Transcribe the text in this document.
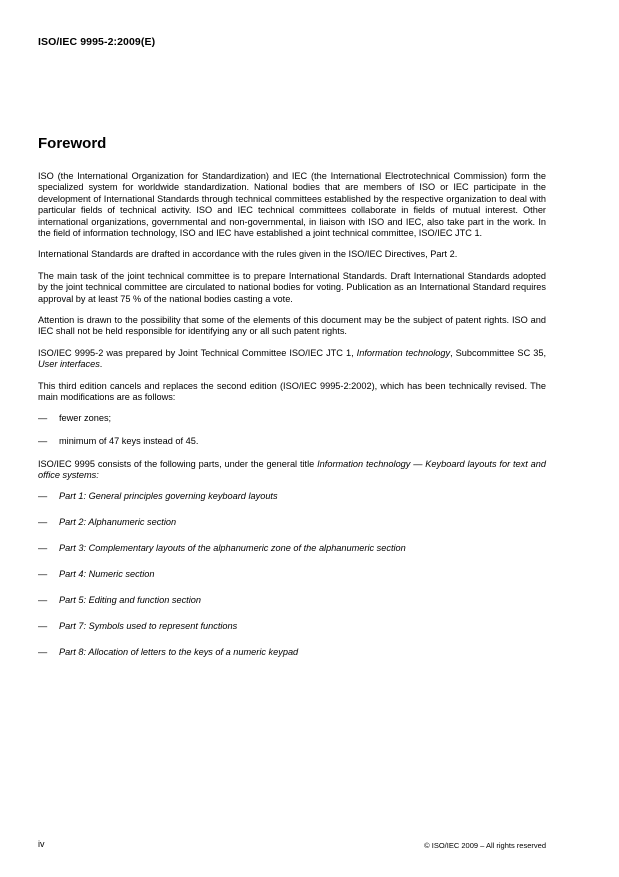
ISO/IEC 9995-2:2009(E)
Foreword

ISO (the International Organization for Standardization) and IEC (the International Electrotechnical Commission) form the specialized system for worldwide standardization. National bodies that are members of ISO or IEC participate in the development of International Standards through technical committees established by the respective organization to deal with particular fields of technical activity. ISO and IEC technical committees collaborate in fields of mutual interest. Other international organizations, governmental and non-governmental, in liaison with ISO and IEC, also take part in the work. In the field of information technology, ISO and IEC have established a joint technical committee, ISO/IEC JTC 1.

International Standards are drafted in accordance with the rules given in the ISO/IEC Directives, Part 2.

The main task of the joint technical committee is to prepare International Standards. Draft International Standards adopted by the joint technical committee are circulated to national bodies for voting. Publication as an International Standard requires approval by at least 75 % of the national bodies casting a vote.

Attention is drawn to the possibility that some of the elements of this document may be the subject of patent rights. ISO and IEC shall not be held responsible for identifying any or all such patent rights.

ISO/IEC 9995-2 was prepared by Joint Technical Committee ISO/IEC JTC 1, Information technology, Subcommittee SC 35, User interfaces.

This third edition cancels and replaces the second edition (ISO/IEC 9995-2:2002), which has been technically revised. The main modifications are as follows:

— fewer zones;
— minimum of 47 keys instead of 45.

ISO/IEC 9995 consists of the following parts, under the general title Information technology — Keyboard layouts for text and office systems:

— Part 1: General principles governing keyboard layouts
— Part 2: Alphanumeric section
— Part 3: Complementary layouts of the alphanumeric zone of the alphanumeric section
— Part 4: Numeric section
— Part 5: Editing and function section
— Part 7: Symbols used to represent functions
— Part 8: Allocation of letters to the keys of a numeric keypad
iv	© ISO/IEC 2009 – All rights reserved
